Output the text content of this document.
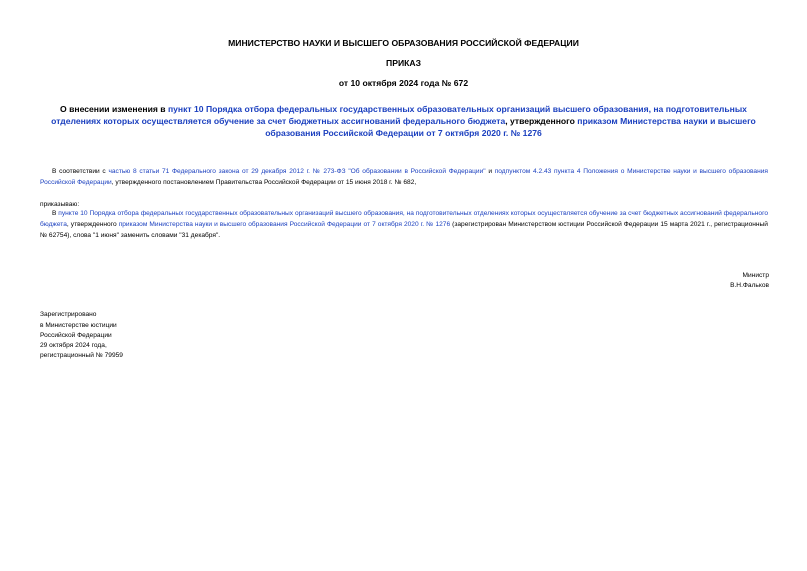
МИНИСТЕРСТВО НАУКИ И ВЫСШЕГО ОБРАЗОВАНИЯ РОССИЙСКОЙ ФЕДЕРАЦИИ

ПРИКАЗ

от 10 октября 2024 года № 672

О внесении изменения в пункт 10 Порядка отбора федеральных государственных образовательных организаций высшего образования, на подготовительных отделениях которых осуществляется обучение за счет бюджетных ассигнований федерального бюджета, утвержденного приказом Министерства науки и высшего образования Российской Федерации от 7 октября 2020 г. № 1276

В соответствии с частью 8 статьи 71 Федерального закона от 29 декабря 2012 г. № 273-ФЗ "Об образовании в Российской Федерации" и подпунктом 4.2.43 пункта 4 Положения о Министерстве науки и высшего образования Российской Федерации, утвержденного постановлением Правительства Российской Федерации от 15 июня 2018 г. № 682,

приказываю:

В пункте 10 Порядка отбора федеральных государственных образовательных организаций высшего образования, на подготовительных отделениях которых осуществляется обучение за счет бюджетных ассигнований федерального бюджета, утвержденного приказом Министерства науки и высшего образования Российской Федерации от 7 октября 2020 г. № 1276 (зарегистрирован Министерством юстиции Российской Федерации 15 марта 2021 г., регистрационный № 62754), слова "1 июня" заменить словами "31 декабря".

Министр

В.Н.Фальков

Зарегистрировано

в Министерстве юстиции

Российской Федерации

29 октября 2024 года,

регистрационный № 79959
